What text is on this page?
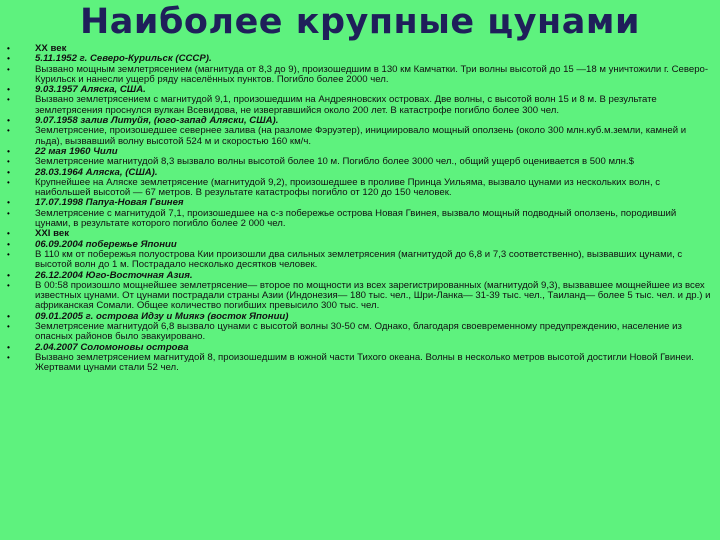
Наиболее крупные цунами
•	XX век
•	5.11.1952 г. Северо-Курильск (СССР).
•	Вызвано мощным землетрясением (магнитуда от 8,3 до 9), произошедшим в 130 км Камчатки. Три волны высотой до 15 —18 м уничтожили г. Северо-Курильск и нанесли ущерб ряду населённых пунктов. Погибло более 2000 чел.
•	9.03.1957 Аляска, США.
•	Вызвано землетрясением с магнитудой 9,1, произошедшим на Андреяновских островах. Две волны, с высотой волн 15 и 8 м. В результате землетрясения проснулся вулкан Всевидова, не извергавшийся около 200 лет. В катастрофе погибло более 300 чел.
•	9.07.1958 залив Литуйя, (юго-запад Аляски, США).
•	Землетрясение, произошедшее севернее залива (на разломе Фэруэтер), инициировало мощный оползень (около 300 млн.куб.м.земли, камней и льда), вызвавший волну высотой 524 м и скоростью 160 км/ч.
•	22 мая 1960 Чили
•	Землетрясение магнитудой 8,3 вызвало волны высотой более 10 м. Погибло более 3000 чел., общий ущерб оценивается в 500 млн.$
•	28.03.1964 Аляска, (США).
•	Крупнейшее на Аляске землетрясение (магнитудой 9,2), произошедшее в проливе Принца Уильяма, вызвало цунами из нескольких волн, с наибольшей высотой — 67 метров. В результате катастрофы погибло от 120 до 150 человек.
•	17.07.1998 Папуа-Новая Гвинея
•	Землетрясение с магнитудой 7,1, произошедшее на с-з побережье острова Новая Гвинея, вызвало мощный подводный оползень, породивший цунами, в результате которого погибло более 2 000 чел.
•	XXI век
•	06.09.2004 побережье Японии
•	В 110 км от побережья полуострова Кии произошли два сильных землетрясения (магнитудой до 6,8 и 7,3 соответственно), вызвавших цунами, с высотой волн до 1 м. Пострадало несколько десятков человек.
•	26.12.2004 Юго-Восточная Азия.
•	В 00:58 произошло мощнейшее землетрясение— второе по мощности из всех зарегистрированных (магнитудой 9,3), вызвавшее мощнейшее из всех известных цунами. От цунами пострадали страны Азии (Индонезия— 180 тыс. чел., Шри-Ланка— 31-39 тыс. чел., Таиланд— более 5 тыс. чел. и др.) и африканская Сомали. Общее количество погибших превысило 300 тыс. чел.
•	09.01.2005 г. острова Идзу и Миякэ (восток Японии)
•	Землетрясение магнитудой 6,8 вызвало цунами с высотой волны 30-50 см. Однако, благодаря своевременному предупреждению, население из опасных районов было эвакуировано.
•	2.04.2007 Соломоновы острова
•	Вызвано землетрясением магнитудой 8, произошедшим в южной части Тихого океана. Волны в несколько метров высотой достигли Новой Гвинеи. Жертвами цунами стали 52 чел.
